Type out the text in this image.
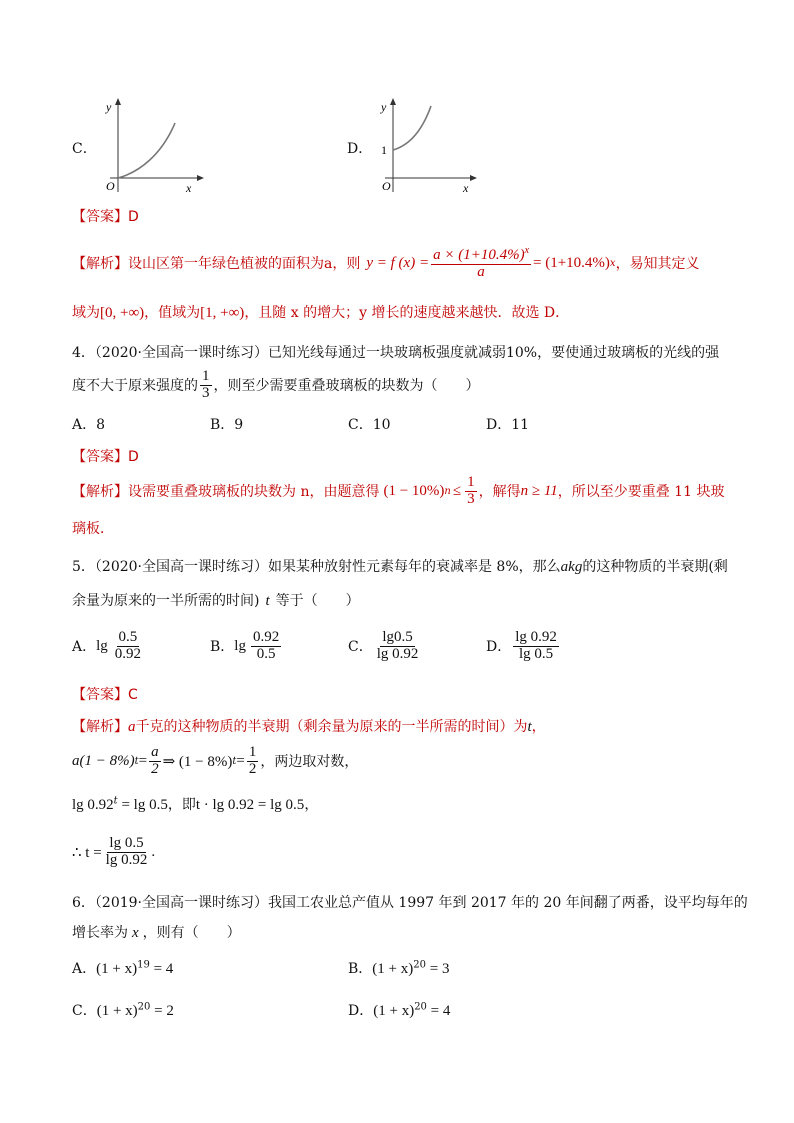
C．
y
x
O
D．
y
x
O
1
【答案】D
【解析】 设山区第一年绿色植被的面积为a，则 y = f $(x) = \frac{a \times (1+10.4\%)^x}{a} = (1+10.4\%)$ x ，易知其定义
域为[0, +∞)，值域为[1, +∞)，且随 x 的增大；y 增长的速度越来越快．故选 D．
4．（2020·全国高一课时练习）已知光线每通过一块玻璃板强度就减弱10%，要使通过玻璃板的光线的强
度不大于原来强度的 $\frac{1}{3}$ ，则至少需要重叠玻璃板的块数为（　　）
A．8	B．9	C．10	D．11
【答案】D
【解析】 设需要重叠玻璃板的块数为 n，由题意得 (1 − 10%) $n \le \frac{1}{3}$ ，解得 n ≥ 11 ，所以至少要重叠 11 块玻
璃板．
5．（2020·全国高一课时练习）如果某种放射性元素每年的衰减率是 8%，那么akg的这种物质的半衰期(剩
余量为原来的一半所需的时间) t 等于（　　）
A． $\lg \frac{0.5}{0.92}$	B． $\lg \frac{0.92}{0.5}$	C． $\frac{\lg 0.5}{\lg 0.92}$	D． $\frac{\lg 0.92}{\lg 0.5}$
【答案】C
【解析】a千克的这种物质的半衰期（剩余量为原来的一半所需的时间）为t，
a(1 − 8%) $t = \frac{a}{2}$ ⇒ (1 − 8%) $t = \frac{1}{2}$ ，两边取对数，
$\lg 0.92^t = \lg 0.5$，即t · lg 0.92 = lg 0.5，
∴ $t = \frac{\lg 0.5}{\lg 0.92}$ .
6．（2019·全国高一课时练习）我国工农业总产值从 1997 年到 2017 年的 20 年间翻了两番，设平均每年的
增长率为 x ，则有（　　）
A．$(1 + x)^{19} = 4$	B．$(1 + x)^{20} = 3$
C．$(1 + x)^{20} = 2$	D．$(1 + x)^{20} = 4$
